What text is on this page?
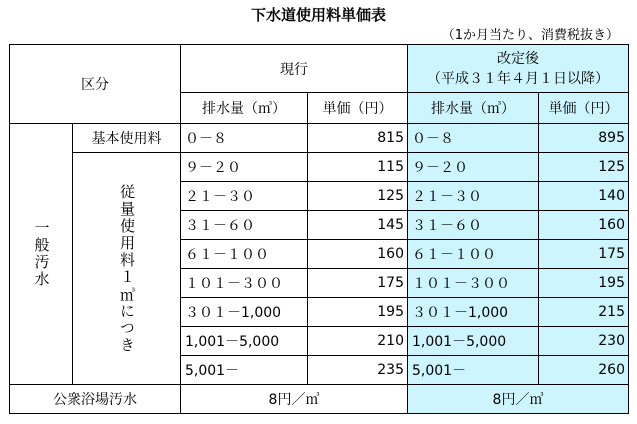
下水道使用料単価表
（1か月当たり、消費税抜き）
区分		現行		改定後
（平成３１年４月１日以降）	

		排水量（㎥）	単価（円）	排水量（㎥）	単価（円）

一般汚水	基本使用料	０－８	815	０－８	895

	従量使用料１㎥につき	９－２０	115	９－２０	125
		２１－３０	125	２１－３０	140
		３１－６０	145	３１－６０	160
		６１－１００	160	６１－１００	175
		１０１－３００	175	１０１－３００	195
		３０１－1,000	195	３０１－1,000	215
		1,001－5,000	210	1,001－5,000	230
		5,001－	235	5,001－	260
公衆浴場汚水		8円／㎥		8円／㎥	
